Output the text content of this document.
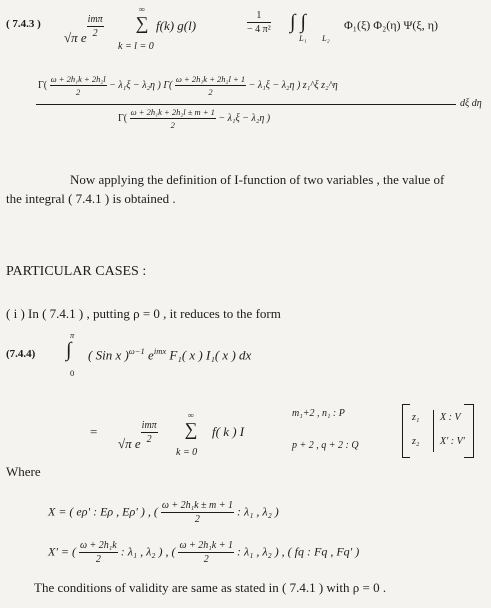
( 7.4.3 )
√π e $^{\frac{\text{imπ}}{2}}$
∞
∑
k = l = 0
f(k) g(l)	$\frac{1}{\text{− 4 π²}}$ ∫ ∫
L₁ L₂
Φ₁(ξ) Φ₂(η) Ψ(ξ, η)
$\Gamma( \frac{\text{ω + 2h₁k + 2h₂l}}{2} - \lambda_1\xi - \lambda_2\eta$ ) $\Gamma( \frac{\text{ω + 2h₁k + 2h₂l + 1}}{2} - \lambda_1\xi - \lambda_2\eta$ ) z₁^ξ z₂^η
$\Gamma( \frac{\text{ω + 2h₁k + 2h₂l ± m + 1}}{2} - \lambda_1\xi - \lambda_2\eta$ )
dξ dη
Now applying the definition of I-function of two variables , the value of
the integral ( 7.4.1 ) is obtained .
PARTICULAR CASES :
( i ) In ( 7.4.1 ) , putting ρ = 0 , it reduces to the form
(7.4.4)
π
∫
0
( Sin x )$^{\omega-1}$ $e^{imx}$ F₁( x ) I₁( x ) dx
=
√π e $^{\frac{\text{imπ}}{2}}$
∞
∑
k = 0
f( k ) I
m₁+2 , n₁ : P
p + 2 , q + 2 : Q
z₁
z₂
X : V
X' : V'
Where
X = ( eρ' : Eρ , Eρ' ) , ( $\frac{\text{ω + 2h₁k ± m + 1}}{2}$ : λ₁ , λ₂ )
X' = ( $\frac{\text{ω + 2h₁k}}{2}$ : λ₁ , λ₂ ) , ( $\frac{\text{ω + 2h₁k + 1}}{2}$ : λ₁ , λ₂ ) , ( fq : Fq , Fq' )
The conditions of validity are same as stated in ( 7.4.1 ) with ρ = 0 .
